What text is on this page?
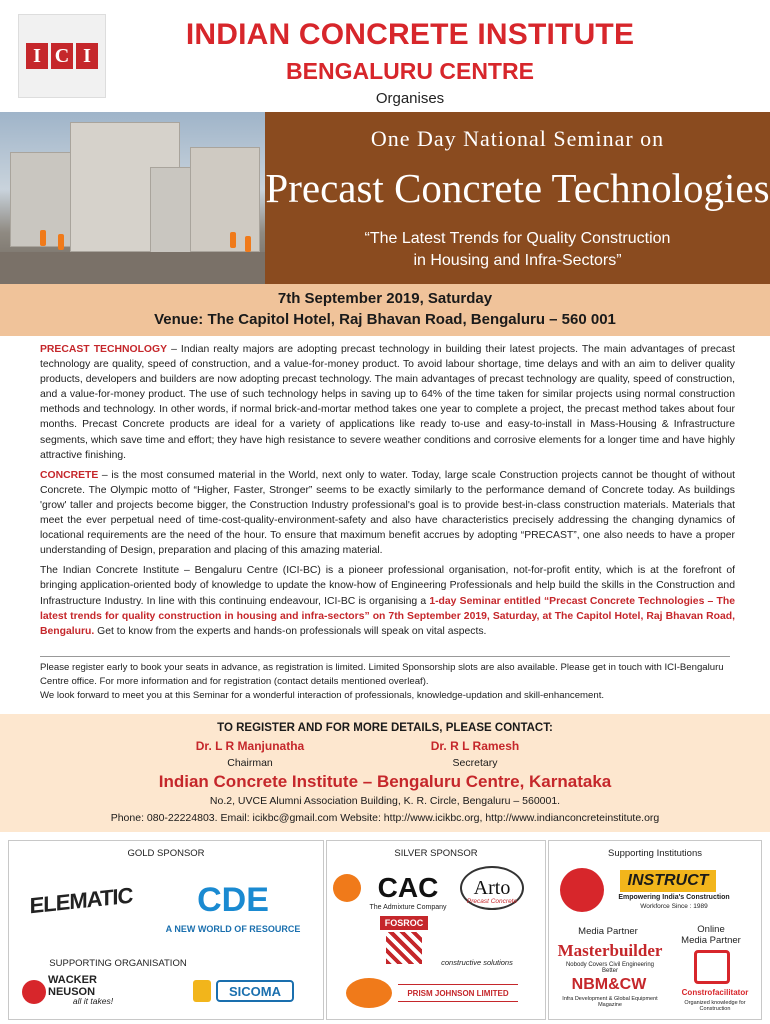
I C I
INDIAN CONCRETE INSTITUTE
BENGALURU CENTRE
Organises
One Day National Seminar on
Precast Concrete Technologies
“The Latest Trends for Quality Construction
in Housing and Infra-Sectors”
7th September 2019, Saturday
Venue: The Capitol Hotel, Raj Bhavan Road, Bengaluru – 560 001

PRECAST TECHNOLOGY – Indian realty majors are adopting precast technology in building their latest projects. The main advantages of precast technology are quality, speed of construction, and a value-for-money product. To avoid labour shortage, time delays and with an aim to deliver quality products, developers and builders are now adopting precast technology. The main advantages of precast technology are quality, speed of construction, and a value-for-money product. The use of such technology helps in saving up to 64% of the time taken for similar projects using normal construction methods and technology. In other words, if normal brick-and-mortar method takes one year to complete a project, the precast method takes about four months. Precast Concrete products are ideal for a variety of applications like ready to-use and easy-to-install in Mass-Housing & Infrastructure segments, which save time and effort; they have high resistance to severe weather conditions and corrosive elements for a longer time and have highly attractive finishing.

CONCRETE – is the most consumed material in the World, next only to water. Today, large scale Construction projects cannot be thought of without Concrete. The Olympic motto of “Higher, Faster, Stronger” seems to be exactly similarly to the performance demand of Concrete today. As buildings 'grow' taller and projects become bigger, the Construction Industry professional's goal is to provide best-in-class construction materials. Materials that meet the ever perpetual need of time-cost-quality-environment-safety and also have characteristics precisely addressing the changing dynamics of locational requirements are the need of the hour. To ensure that maximum benefit accrues by adopting “PRECAST”, one also needs to have a proper understanding of Design, preparation and placing of this amazing material.

The Indian Concrete Institute – Bengaluru Centre (ICI-BC) is a pioneer professional organisation, not-for-profit entity, which is at the forefront of bringing application-oriented body of knowledge to update the know-how of Engineering Professionals and help build the skills in the Construction and Infrastructure Industry. In line with this continuing endeavour, ICI-BC is organising a 1-day Seminar entitled “Precast Concrete Technologies – The latest trends for quality construction in housing and infra-sectors” on 7th September 2019, Saturday, at The Capitol Hotel, Raj Bhavan Road, Bengaluru. Get to know from the experts and hands-on professionals will speak on vital aspects.

Please register early to book your seats in advance, as registration is limited. Limited Sponsorship slots are also available. Please get in touch with ICI-Bengaluru Centre office. For more information and for registration (contact details mentioned overleaf).
We look forward to meet you at this Seminar for a wonderful interaction of professionals, knowledge-updation and skill-enhancement.
TO REGISTER AND FOR MORE DETAILS, PLEASE CONTACT:
Dr. L R Manjunatha
Chairman
Dr. R L Ramesh
Secretary
Indian Concrete Institute – Bengaluru Centre, Karnataka
No.2, UVCE Alumni Association Building, K. R. Circle, Bengaluru – 560001.
Phone: 080-22224803. Email: icikbc@gmail.com Website: http://www.icikbc.org, http://www.indianconcreteinstitute.org
GOLD SPONSOR
ELEMATIC	CDE
A NEW WORLD OF RESOURCE
SUPPORTING ORGANISATION
WACKER NEUSON
all it takes!
SICOMA
SILVER SPONSOR
CAC
The Admixture Company
Arto
Precast Concrete
FOSROC
constructive solutions
PRISM JOHNSON LIMITED
Supporting Institutions
INSTRUCT
Empowering India's Construction
Workforce Since : 1989
Media Partner	Online
Media Partner
Masterbuilder
Nobody Covers Civil Engineering Better
NBM&CW
Infra Development & Global Equipment Magazine
Constrofacilitator
Organized knowledge for Construction
